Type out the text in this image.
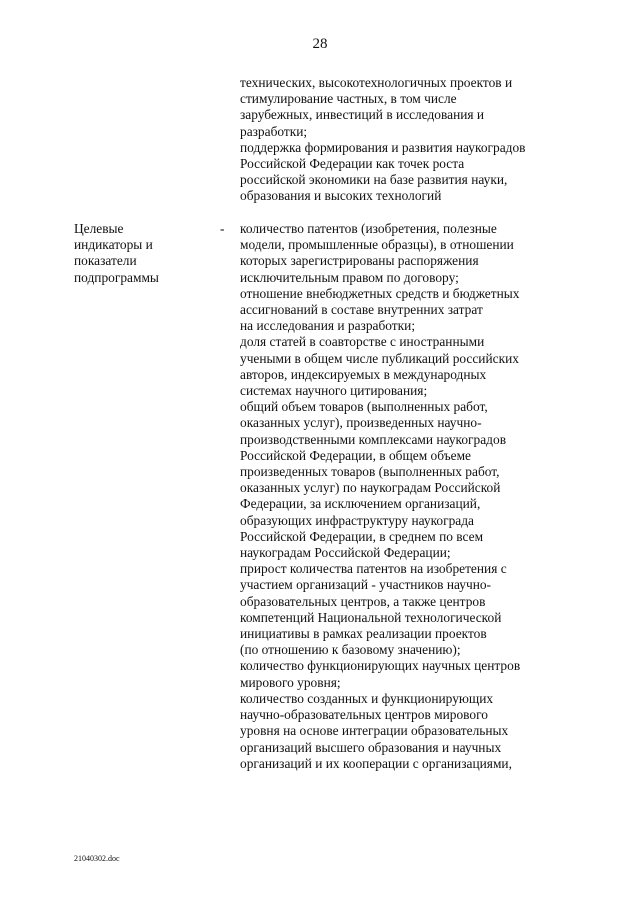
28
технических, высокотехнологичных проектов и
стимулирование частных, в том числе
зарубежных, инвестиций в исследования и
разработки;
поддержка формирования и развития наукоградов
Российской Федерации как точек роста
российской экономики на базе развития науки,
образования и высоких технологий
Целевые
индикаторы и
показатели
подпрограммы
- количество патентов (изобретения, полезные
модели, промышленные образцы), в отношении
которых зарегистрированы распоряжения
исключительным правом по договору;
отношение внебюджетных средств и бюджетных
ассигнований в составе внутренних затрат
на исследования и разработки;
доля статей в соавторстве с иностранными
учеными в общем числе публикаций российских
авторов, индексируемых в международных
системах научного цитирования;
общий объем товаров (выполненных работ,
оказанных услуг), произведенных научно-
производственными комплексами наукоградов
Российской Федерации, в общем объеме
произведенных товаров (выполненных работ,
оказанных услуг) по наукоградам Российской
Федерации, за исключением организаций,
образующих инфраструктуру наукограда
Российской Федерации, в среднем по всем
наукоградам Российской Федерации;
прирост количества патентов на изобретения с
участием организаций - участников научно-
образовательных центров, а также центров
компетенций Национальной технологической
инициативы в рамках реализации проектов
(по отношению к базовому значению);
количество функционирующих научных центров
мирового уровня;
количество созданных и функционирующих
научно-образовательных центров мирового
уровня на основе интеграции образовательных
организаций высшего образования и научных
организаций и их кооперации с организациями,
21040302.doc
